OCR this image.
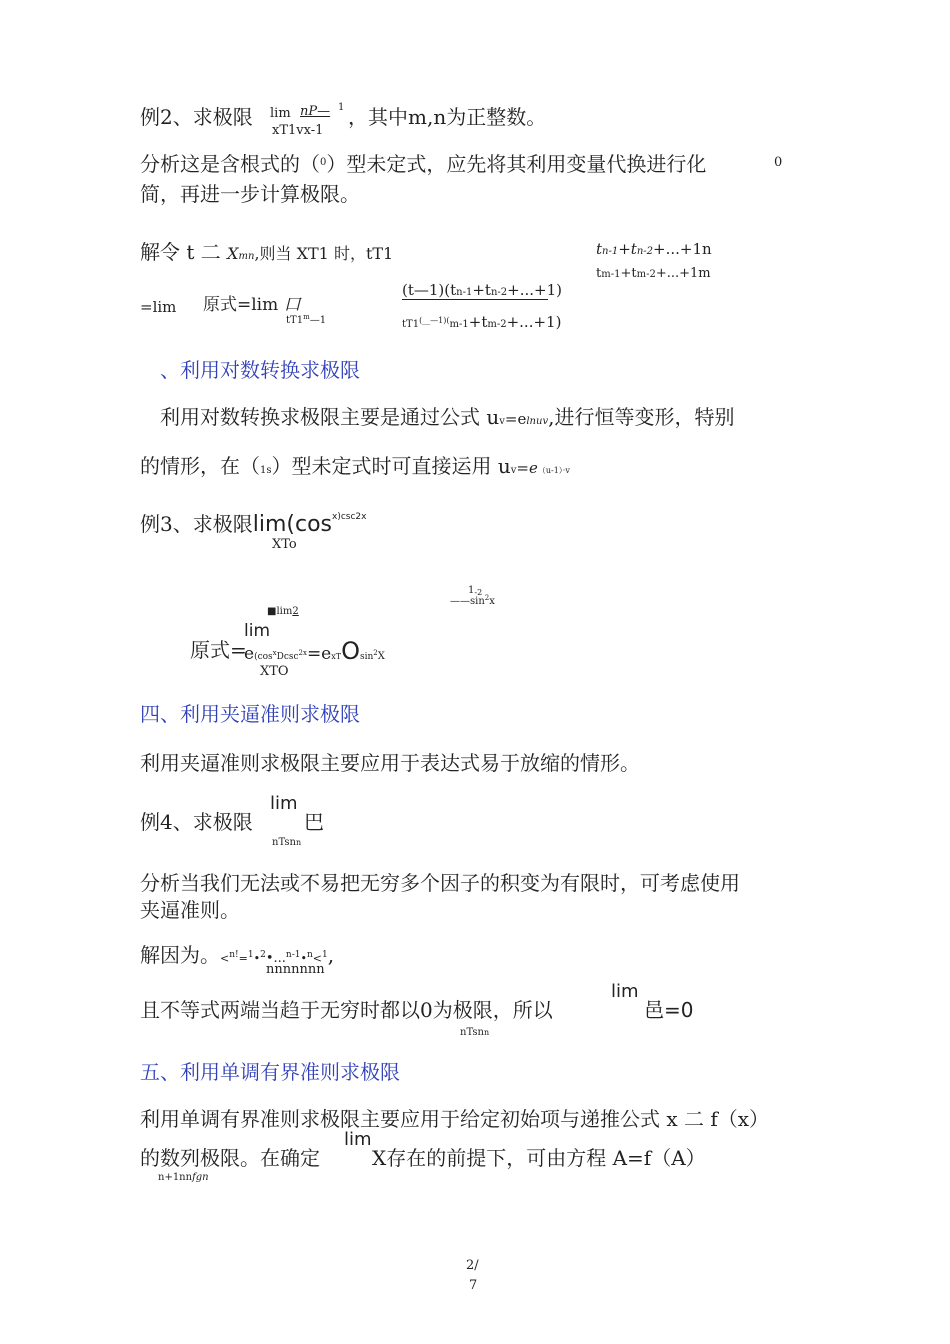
例2、求极限 lim nP— 1
xT1vx-1
，其中m,n为正整数。
分析这是含根式的（$^0$）型未定式，应先将其利用变量代换进行化	0
简，再进一步计算极限。
解令 t 二 Xmn,则当 XT1 时，tT1	tn-1+tn-2+...+1n
tm-1+tm-2+...+1m
=lim 原式=lim 口
tT1$^m$—1
(t—1)(tn-1+tn-2+...+1)
$tT1^{(\_\_—1)(}m-1+tm-2+...+1$)
、利用对数转换求极限
利用对数转换求极限主要是通过公式 uv=elnuv,进行恒等变形，特别
的情形，在（1s）型未定式时可直接运用 uv=e（u-1）·v
例3、求极限$\lim(\cos^{x)csc2x}$
XTo
$1_{-2}$
$——\sin^2x$
■lim2
原式=
lim
$e(\cos^xDcsc^{2x}=exTOsin^2X$
XTO
四、利用夹逼准则求极限
利用夹逼准则求极限主要应用于表达式易于放缩的情形。
例4、求极限
lim
巴
nTsnn
分析当我们无法或不易把无穷多个因子的积变为有限时，可考虑使用
夹逼准则。
解因为。<$^{n!}$=$^1$•$^2$•...$^{n-1}$•$^n$<$^1$,
nnnnnnn
且不等式两端当趋于无穷时都以0为极限，所以
lim
邑=0
nTsnn
五、利用单调有界准则求极限
利用单调有界准则求极限主要应用于给定初始项与递推公式 x 二 f（x）
的数列极限。在确定
lim
X存在的前提下，可由方程 A=f（A）
n+1nnfgn
2/
7
